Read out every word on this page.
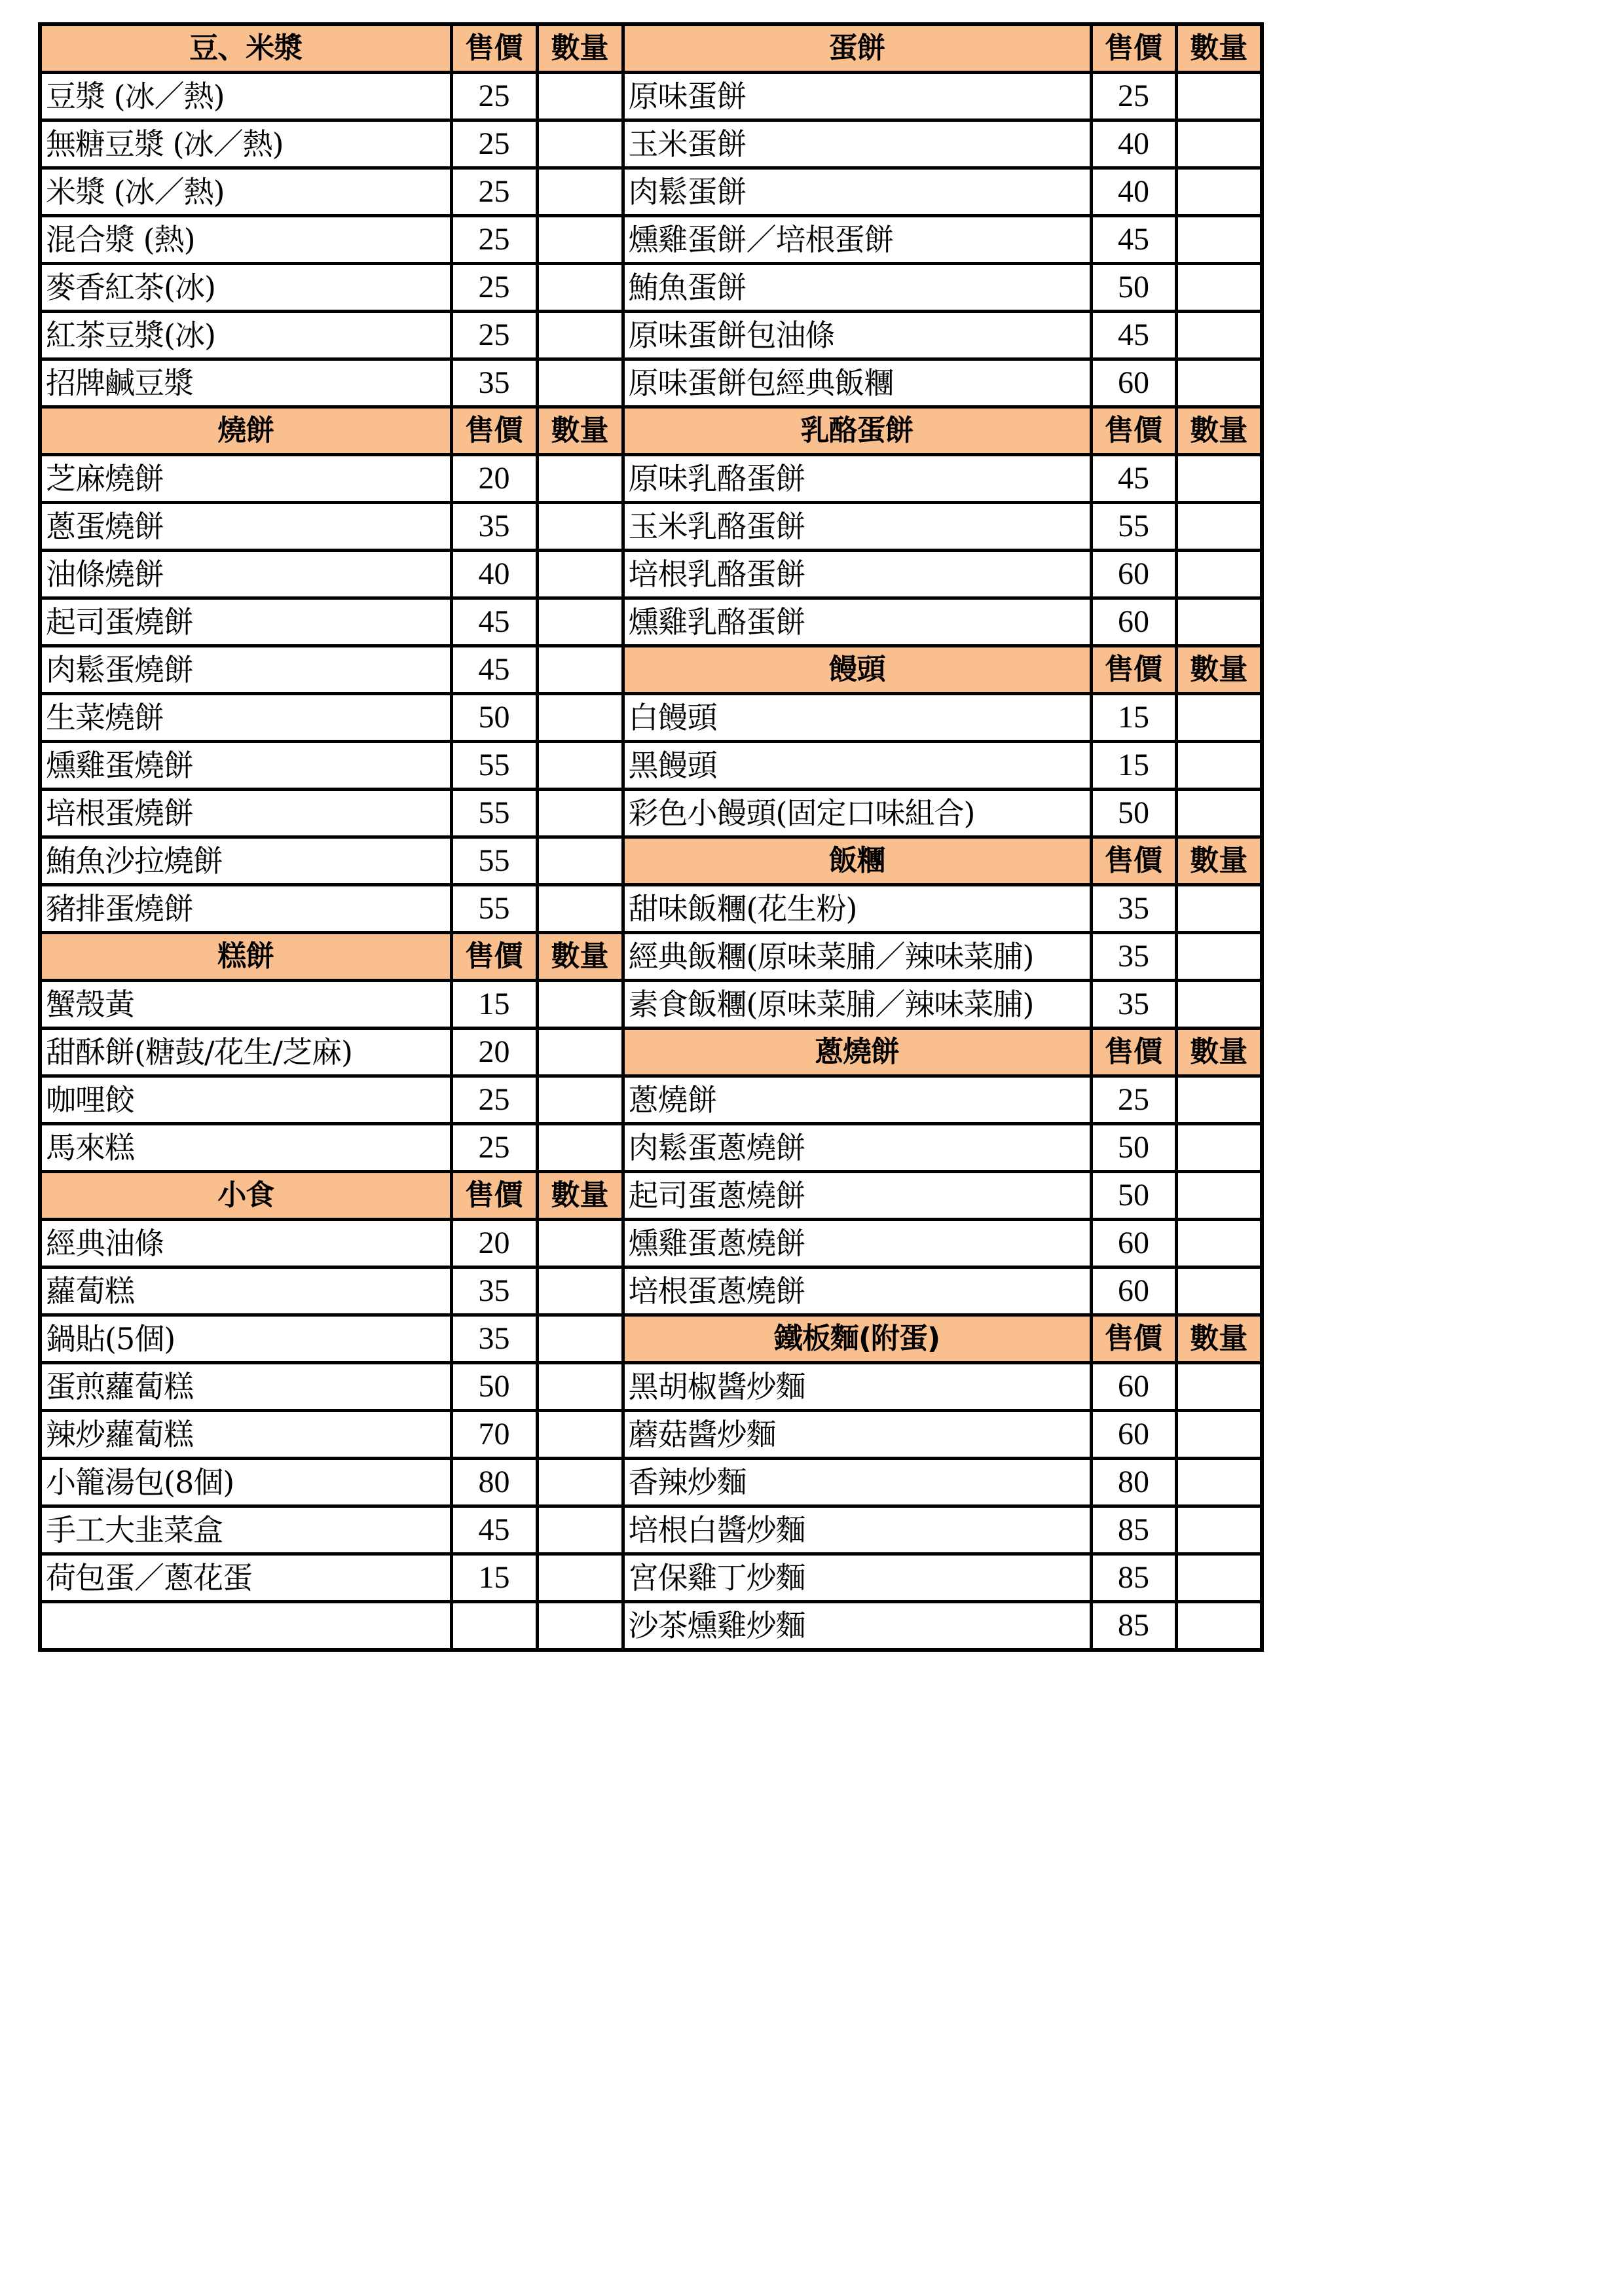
豆、米漿	售價	數量	蛋餅	售價	數量
豆漿 (冰／熱)	25		原味蛋餅	25	
無糖豆漿 (冰／熱)	25		玉米蛋餅	40	
米漿 (冰／熱)	25		肉鬆蛋餅	40	
混合漿 (熱)	25		燻雞蛋餅／培根蛋餅	45	
麥香紅茶(冰)	25		鮪魚蛋餅	50	
紅茶豆漿(冰)	25		原味蛋餅包油條	45	
招牌鹹豆漿	35		原味蛋餅包經典飯糰	60	
燒餅	售價	數量	乳酪蛋餅	售價	數量
芝麻燒餅	20		原味乳酪蛋餅	45	
蔥蛋燒餅	35		玉米乳酪蛋餅	55	
油條燒餅	40		培根乳酪蛋餅	60	
起司蛋燒餅	45		燻雞乳酪蛋餅	60	
肉鬆蛋燒餅	45		饅頭	售價	數量
生菜燒餅	50		白饅頭	15	
燻雞蛋燒餅	55		黑饅頭	15	
培根蛋燒餅	55		彩色小饅頭(固定口味組合)	50	
鮪魚沙拉燒餅	55		飯糰	售價	數量
豬排蛋燒餅	55		甜味飯糰(花生粉)	35	
糕餅	售價	數量	經典飯糰(原味菜脯／辣味菜脯)	35	
蟹殼黃	15		素食飯糰(原味菜脯／辣味菜脯)	35	
甜酥餅(糖鼓/花生/芝麻)	20		蔥燒餅	售價	數量
咖哩餃	25		蔥燒餅	25	
馬來糕	25		肉鬆蛋蔥燒餅	50	
小食	售價	數量	起司蛋蔥燒餅	50	
經典油條	20		燻雞蛋蔥燒餅	60	
蘿蔔糕	35		培根蛋蔥燒餅	60	
鍋貼(5個)	35		鐵板麵(附蛋)	售價	數量
蛋煎蘿蔔糕	50		黑胡椒醬炒麵	60	
辣炒蘿蔔糕	70		蘑菇醬炒麵	60	
小籠湯包(8個)	80		香辣炒麵	80	
手工大韭菜盒	45		培根白醬炒麵	85	
荷包蛋／蔥花蛋	15		宮保雞丁炒麵	85	
			沙茶燻雞炒麵	85	
